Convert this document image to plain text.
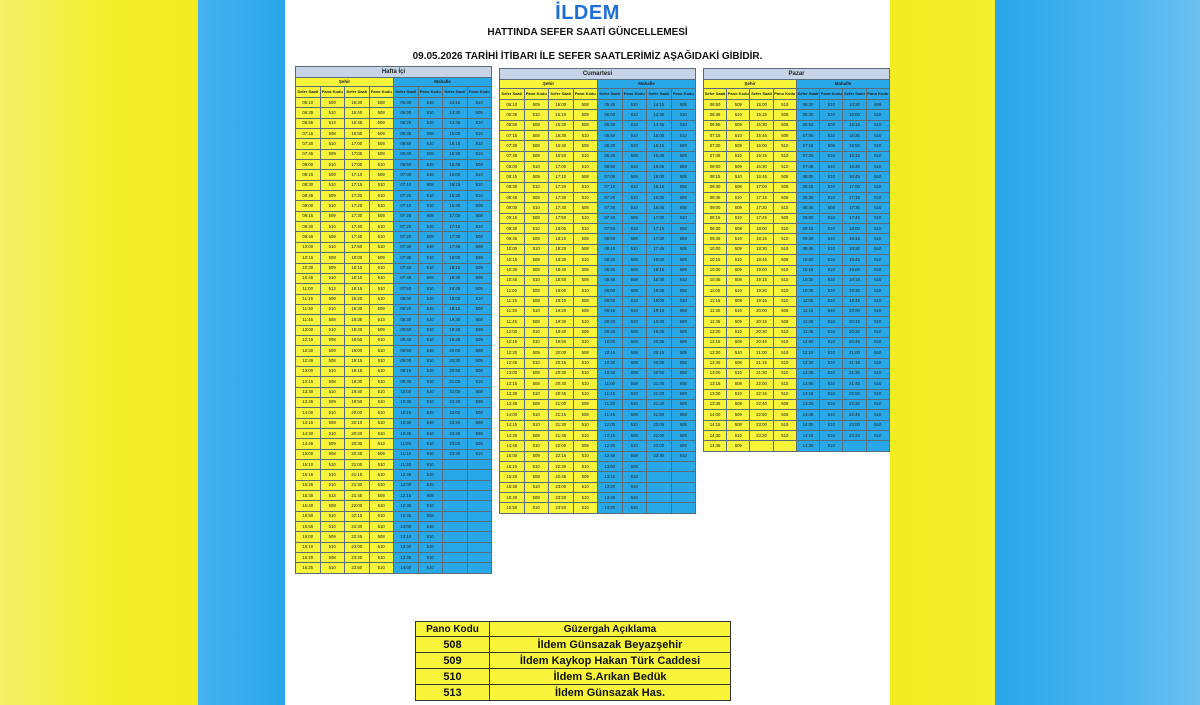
İLDEM
HATTINDA SEFER SAATİ GÜNCELLEMESİ
09.05.2026 TARİHİ İTİBARI İLE SEFER SAATLERİMİZ AŞAĞIDAKİ GİBİDİR.
Hafta İçi							
Şehir				Mahalle			
Sefer Saati	Pano Kodu	Sefer Saati	Pano Kodu	Sefer Saati	Pano Kodu	Sefer Saati	Pano Kodu
06:10	509	16:30	508	05:40	510	14:15	510
06:35	510	16:40	509	06:00	510	14:30	508
06:55	513	16:45	509	06:20	510	14:45	510
07:15	508	16:50	509	06:35	508	15:00	510
07:30	510	17:00	509	06:50	510	15:15	510
07:45	509	17:05	508	06:40	508	15:30	510
08:00	510	17:05	510	06:50	510	15:45	509
08:15	509	17:10	509	07:00	510	16:00	510
08:30	510	17:15	510	07:10	508	16:15	510
08:45	509	17:20	510	07:20	510	16:30	510
09:00	510	17:25	510	07:15	510	16:45	508
09:15	509	17:30	509	07:25	508	17:00	508
09:30	510	17:40	510	07:20	510	17:15	510
09:45	509	17:45	510	07:20	508	17:30	508
10:00	510	17:50	510	07:30	510	17:45	508
10:15	508	18:00	509	07:35	510	18:00	509
10:30	509	18:10	510	07:40	510	18:15	509
10:45	510	18:10	510	07:40	509	18:30	508
11:00	513	18:15	510	07:50	510	18:45	508
11:15	509	18:20	510	08:00	510	19:00	510
11:30	510	18:30	509	08:20	510	19:15	508
11:45	508	18:35	513	08:30	510	19:30	508
12:00	510	18:40	509	08:50	510	19:45	509
12:15	508	18:50	510	08:40	510	19:45	509
12:30	509	19:00	510	08:50	510	20:00	508
12:45	508	19:15	510	09:00	510	20:30	508
13:00	510	19:15	510	09:15	510	20:50	508
13:15	508	19:30	510	09:30	510	21:05	510
13:30	510	19:40	510	10:00	510	22:00	508
13:45	509	19:50	510	10:30	510	22:40	508
14:00	510	20:00	510	10:15	510	22:00	508
14:15	508	20:10	510	10:30	510	22:20	508
14:30	510	20:20	510	10:45	510	22:45	508
14:45	509	20:30	513	11:00	510	23:00	508
15:00	508	20:45	509	11:15	510	23:30	510
15:10	510	21:00	510	11:30	510		
15:15	510	21:15	510	12:45	510		
15:25	510	21:30	510	12:00	510		
15:30	513	21:45	509	12:15	508		
15:40	508	22:00	510	12:30	510		
15:50	510	22:15	510	12:45	508		
15:55	510	22:30	510	13:00	510		
16:00	509	22:45	509	13:15	510		
16:10	510	23:00	510	13:30	510		
16:20	508	23:20	510	13:45	510		
16:25	510	23:50	510	14:00	510		
Cumartesi							
Şehir				Mahalle			
Sefer Saati	Pano Kodu	Sefer Saati	Pano Kodu	Sefer Saati	Pano Kodu	Sefer Saati	Pano Kodu
06:10	509	16:00	508	05:40	510	14:15	508
06:35	510	16:10	509	06:00	510	14:30	510
06:55	508	16:20	508	06:30	510	14:45	510
07:15	508	16:30	510	06:50	510	15:00	510
07:30	508	16:40	508	06:30	510	15:15	508
07:45	509	16:50	510	06:40	508	15:30	508
08:00	510	17:00	510	06:50	510	15:45	509
08:15	509	17:10	508	07:00	509	16:00	508
08:30	510	17:20	510	07:10	510	16:15	508
08:45	509	17:30	510	07:20	510	16:30	508
09:00	510	17:40	508	07:30	510	16:45	508
09:15	508	17:50	510	07:40	509	17:00	510
09:30	510	18:00	510	07:50	510	17:15	508
09:45	509	18:10	508	08:00	509	17:30	509
10:00	510	18:20	508	08:10	510	17:45	508
10:15	508	18:30	510	08:20	508	18:00	508
10:30	509	18:40	508	08:30	508	18:15	508
10:45	510	18:50	508	08:45	508	18:30	510
11:00	509	19:00	510	09:00	508	18:45	508
11:15	508	19:10	508	09:00	510	19:00	510
11:30	510	19:20	508	09:15	510	19:15	508
11:45	508	19:30	510	09:30	510	19:30	508
12:00	510	19:40	509	09:45	508	19:45	508
12:15	510	19:50	510	10:00	508	20:05	508
12:30	509	20:00	508	10:15	508	20:15	509
12:45	510	20:15	510	10:30	508	20:35	508
13:00	509	20:30	510	10:45	508	20:50	508
13:15	508	20:40	510	11:00	508	21:05	508
13:30	510	20:45	510	11:15	510	21:20	508
13:45	509	21:00	508	11:30	510	21:40	508
14:00	510	21:15	508	11:45	508	21:50	508
14:15	510	21:30	510	12:00	510	22:05	508
14:30	508	21:45	510	12:15	508	22:00	508
14:45	510	22:00	508	12:30	510	23:00	508
15:00	509	22:15	510	12:45	508	23:30	510
15:10	510	22:30	510	13:00	508		
15:20	508	22:45	509	13:15	510		
15:30	510	23:00	510	13:30	510		
15:40	508	23:20	510	13:45	510		
15:50	510	23:50	510	14:00	510		
Pazar							
Şehir				Mahalle			
Sefer Saati	Pano Kodu	Sefer Saati	Pano Kodu	Sefer Saati	Pano Kodu	Sefer Saati	Pano Kodu
06:50	509	15:00	510	06:20	510	14:30	509
06:35	510	15:15	508	06:40	510	15:00	510
06:55	509	15:30	508	06:50	509	15:15	510
07:15	510	15:45	509	07:05	510	15:30	510
07:30	508	16:00	510	07:15	509	16:00	510
07:45	510	16:15	510	07:30	510	16:15	510
08:00	509	16:30	510	07:45	510	16:30	510
08:15	510	16:45	508	08:00	510	16:45	510
08:30	508	17:00	508	08:15	510	17:00	510
08:45	510	17:15	508	08:30	510	17:15	510
09:00	509	17:30	510	08:45	509	17:30	510
09:15	510	17:45	509	09:00	510	17:45	510
09:30	508	18:00	510	09:15	510	18:00	510
09:45	510	18:15	510	09:30	510	18:15	510
10:00	509	18:30	510	09:45	510	18:30	510
10:15	510	18:45	508	10:00	510	18:45	510
10:30	509	19:00	510	10:15	510	19:00	510
10:45	508	19:15	510	10:30	510	19:15	510
11:00	510	19:30	510	10:45	510	19:30	510
11:15	508	19:45	510	11:00	510	19:45	510
11:30	510	20:00	508	11:15	510	20:00	510
11:45	509	20:15	508	11:30	510	20:15	510
12:00	510	20:30	510	11:45	510	20:30	510
12:15	508	20:45	510	12:00	510	20:45	510
12:30	510	21:00	510	12:15	510	21:00	510
12:45	508	21:15	510	12:30	510	21:15	510
13:00	510	21:30	510	12:45	510	21:30	510
13:15	508	22:00	510	13:00	510	21:45	510
13:30	510	22:15	510	13:15	510	22:00	510
13:45	508	22:40	508	13:30	510	22:30	510
14:00	509	22:50	508	13:45	510	22:45	510
14:15	508	23:00	510	14:00	510	23:00	510
14:30	510	23:20	510	14:15	510	23:20	510
14:45	509			14:30	510		
Pano Kodu	Güzergah Açıklama
508	İldem Günsazak Beyazşehir
509	İldem Kaykop Hakan Türk Caddesi
510	İldem S.Arıkan Bedük
513	İldem Günsazak Has.
